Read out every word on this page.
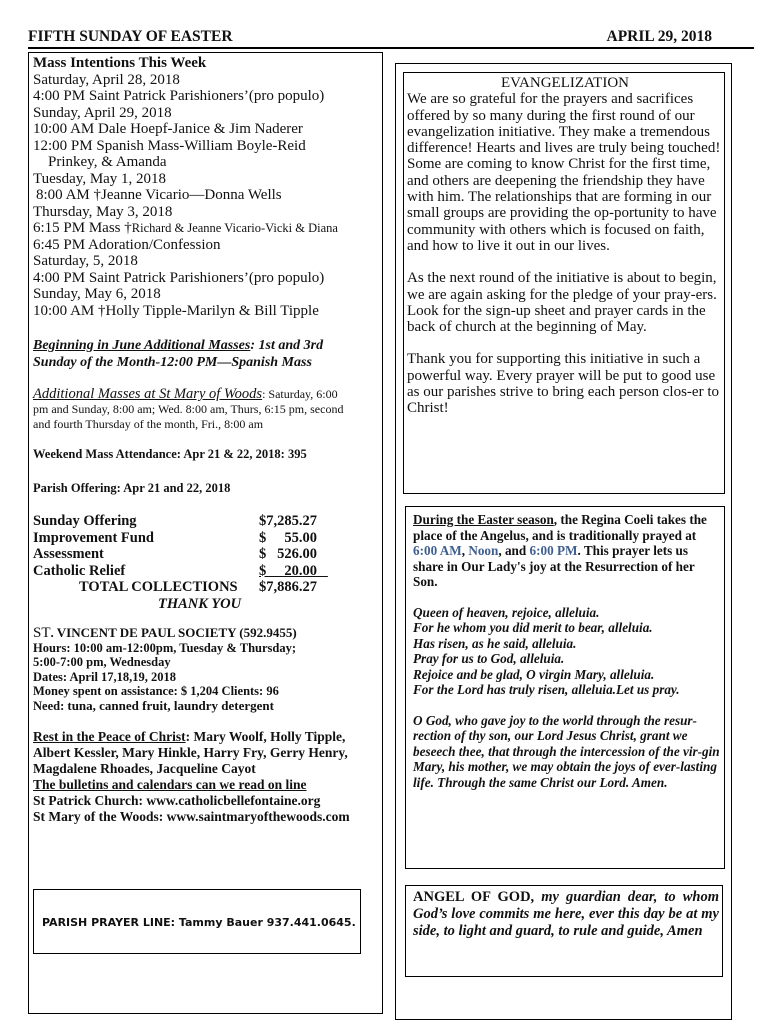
FIFTH SUNDAY OF EASTER	APRIL 29, 2018
Mass Intentions This Week
Saturday, April 28, 2018
4:00 PM Saint Patrick Parishioners’(pro populo)
Sunday, April 29, 2018
10:00 AM Dale Hoepf-Janice & Jim Naderer
12:00 PM Spanish Mass-William Boyle-Reid
Prinkey, & Amanda
Tuesday, May 1, 2018
8:00 AM †Jeanne Vicario—Donna Wells
Thursday, May 3, 2018
6:15 PM Mass †Richard & Jeanne Vicario-Vicki & Diana
6:45 PM Adoration/Confession
Saturday, 5, 2018
4:00 PM Saint Patrick Parishioners’(pro populo)
Sunday, May 6, 2018
10:00 AM †Holly Tipple-Marilyn & Bill Tipple
Beginning in June Additional Masses: 1st and 3rd
Sunday of the Month-12:00 PM—Spanish Mass
Additional Masses at St Mary of Woods: Saturday, 6:00
pm and Sunday, 8:00 am; Wed. 8:00 am, Thurs, 6:15 pm, second
and fourth Thursday of the month, Fri., 8:00 am
Weekend Mass Attendance: Apr 21 & 22, 2018: 395
Parish Offering: Apr 21 and 22, 2018
Sunday Offering	$7,285.27
Improvement Fund	$     55.00
Assessment	$   526.00
Catholic Relief	$     20.00
TOTAL COLLECTIONS $7,886.27
THANK YOU
ST. VINCENT DE PAUL SOCIETY (592.9455)
Hours: 10:00 am-12:00pm, Tuesday & Thursday;
5:00-7:00 pm, Wednesday
Dates: April 17,18,19, 2018
Money spent on assistance: $ 1,204 Clients: 96
Need: tuna, canned fruit, laundry detergent
Rest in the Peace of Christ: Mary Woolf, Holly Tipple,
Albert Kessler, Mary Hinkle, Harry Fry, Gerry Henry,
Magdalene Rhoades, Jacqueline Cayot
The bulletins and calendars can we read on line
St Patrick Church: www.catholicbellefontaine.org
St Mary of the Woods: www.saintmaryofthewoods.com
PARISH PRAYER LINE: Tammy Bauer 937.441.0645.
EVANGELIZATION

We are so grateful for the prayers and sacrifices offered by so many during the first round of our evangelization initiative. They make a tremendous difference! Hearts and lives are truly being touched! Some are coming to know Christ for the first time, and others are deepening the friendship they have with him. The relationships that are forming in our small groups are providing the op-portunity to have community with others which is focused on faith, and how to live it out in our lives.

As the next round of the initiative is about to begin, we are again asking for the pledge of your pray-ers. Look for the sign-up sheet and prayer cards in the back of church at the beginning of May.

Thank you for supporting this initiative in such a powerful way. Every prayer will be put to good use as our parishes strive to bring each person clos-er to Christ!

During the Easter season, the Regina Coeli takes the place of the Angelus, and is traditionally prayed at 6:00 AM, Noon, and 6:00 PM. This prayer lets us share in Our Lady's joy at the Resurrection of her Son.

Queen of heaven, rejoice, alleluia.
For he whom you did merit to bear, alleluia.
Has risen, as he said, alleluia.
Pray for us to God, alleluia.
Rejoice and be glad, O virgin Mary, alleluia.
For the Lord has truly risen, alleluia.Let us pray.

O God, who gave joy to the world through the resur-rection of thy son, our Lord Jesus Christ, grant we beseech thee, that through the intercession of the vir-gin Mary, his mother, we may obtain the joys of ever-lasting life. Through the same Christ our Lord. Amen.

ANGEL OF GOD, my guardian dear, to whom God’s love commits me here, ever this day be at my side, to light and guard, to rule and guide, Amen
